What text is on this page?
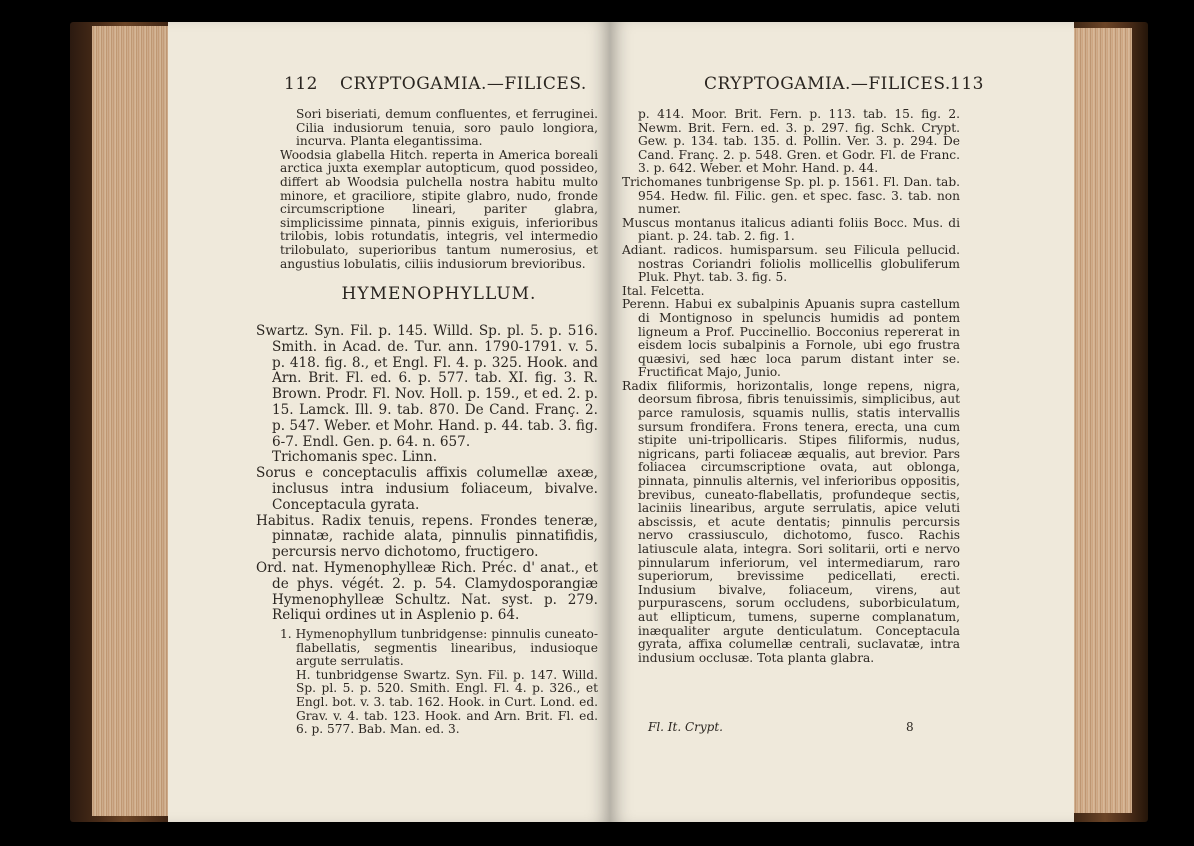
112 CRYPTOGAMIA.—FILICES.

Sori biseriati, demum confluentes, et ferruginei. Cilia indusiorum tenuia, soro paulo longiora, incurva. Planta elegantissima.

Woodsia glabella Hitch. reperta in America boreali arctica juxta exemplar autopticum, quod possideo, differt ab Woodsia pulchella nostra habitu multo minore, et graciliore, stipite glabro, nudo, fronde circumscriptione lineari, pariter glabra, simplicissime pinnata, pinnis exiguis, inferioribus trilobis, lobis rotundatis, integris, vel intermedio trilobulato, superioribus tantum numerosius, et angustius lobulatis, ciliis indusiorum brevioribus.

HYMENOPHYLLUM.

Swartz. Syn. Fil. p. 145. Willd. Sp. pl. 5. p. 516. Smith. in Acad. de. Tur. ann. 1790-1791. v. 5. p. 418. fig. 8., et Engl. Fl. 4. p. 325. Hook. and Arn. Brit. Fl. ed. 6. p. 577. tab. XI. fig. 3. R. Brown. Prodr. Fl. Nov. Holl. p. 159., et ed. 2. p. 15. Lamck. Ill. 9. tab. 870. De Cand. Franç. 2. p. 547. Weber. et Mohr. Hand. p. 44. tab. 3. fig. 6-7. Endl. Gen. p. 64. n. 657.

Trichomanis spec. Linn.

Sorus e conceptaculis affixis columellæ axeæ, inclusus intra indusium foliaceum, bivalve. Conceptacula gyrata.

Habitus. Radix tenuis, repens. Frondes teneræ, pinnatæ, rachide alata, pinnulis pinnatifidis, percursis nervo dichotomo, fructigero.

Ord. nat. Hymenophylleæ Rich. Préc. d' anat., et de phys. végét. 2. p. 54. Clamydosporangiæ Hymenophylleæ Schultz. Nat. syst. p. 279. Reliqui ordines ut in Asplenio p. 64.

1. Hymenophyllum tunbridgense: pinnulis cuneato-flabellatis, segmentis linearibus, indusioque argute serrulatis.

H. tunbridgense Swartz. Syn. Fil. p. 147. Willd. Sp. pl. 5. p. 520. Smith. Engl. Fl. 4. p. 326., et Engl. bot. v. 3. tab. 162. Hook. in Curt. Lond. ed. Grav. v. 4. tab. 123. Hook. and Arn. Brit. Fl. ed. 6. p. 577. Bab. Man. ed. 3.

CRYPTOGAMIA.—FILICES. 113

p. 414. Moor. Brit. Fern. p. 113. tab. 15. fig. 2. Newm. Brit. Fern. ed. 3. p. 297. fig. Schk. Crypt. Gew. p. 134. tab. 135. d. Pollin. Ver. 3. p. 294. De Cand. Franç. 2. p. 548. Gren. et Godr. Fl. de Franc. 3. p. 642. Weber. et Mohr. Hand. p. 44.

Trichomanes tunbrigense Sp. pl. p. 1561. Fl. Dan. tab. 954. Hedw. fil. Filic. gen. et spec. fasc. 3. tab. non numer.

Muscus montanus italicus adianti foliis Bocc. Mus. di piant. p. 24. tab. 2. fig. 1.

Adiant. radicos. humisparsum. seu Filicula pellucid. nostras Coriandri foliolis mollicellis globuliferum Pluk. Phyt. tab. 3. fig. 5.

Ital. Felcetta.

Perenn. Habui ex subalpinis Apuanis supra castellum di Montignoso in speluncis humidis ad pontem ligneum a Prof. Puccinellio. Bocconius repererat in eisdem locis subalpinis a Fornole, ubi ego frustra quæsivi, sed hæc loca parum distant inter se. Fructificat Majo, Junio.

Radix filiformis, horizontalis, longe repens, nigra, deorsum fibrosa, fibris tenuissimis, simplicibus, aut parce ramulosis, squamis nullis, statis intervallis sursum frondifera. Frons tenera, erecta, una cum stipite uni-tripollicaris. Stipes filiformis, nudus, nigricans, parti foliaceæ æqualis, aut brevior. Pars foliacea circumscriptione ovata, aut oblonga, pinnata, pinnulis alternis, vel inferioribus oppositis, brevibus, cuneato-flabellatis, profundeque sectis, laciniis linearibus, argute serrulatis, apice veluti abscissis, et acute dentatis; pinnulis percursis nervo crassiusculo, dichotomo, fusco. Rachis latiuscule alata, integra. Sori solitarii, orti e nervo pinnularum inferiorum, vel intermediarum, raro superiorum, brevissime pedicellati, erecti. Indusium bivalve, foliaceum, virens, aut purpurascens, sorum occludens, suborbiculatum, aut ellipticum, tumens, superne complanatum, inæqualiter argute denticulatum. Conceptacula gyrata, affixa columellæ centrali, suclavatæ, intra indusium occlusæ. Tota planta glabra.

Fl. It. Crypt.	8
